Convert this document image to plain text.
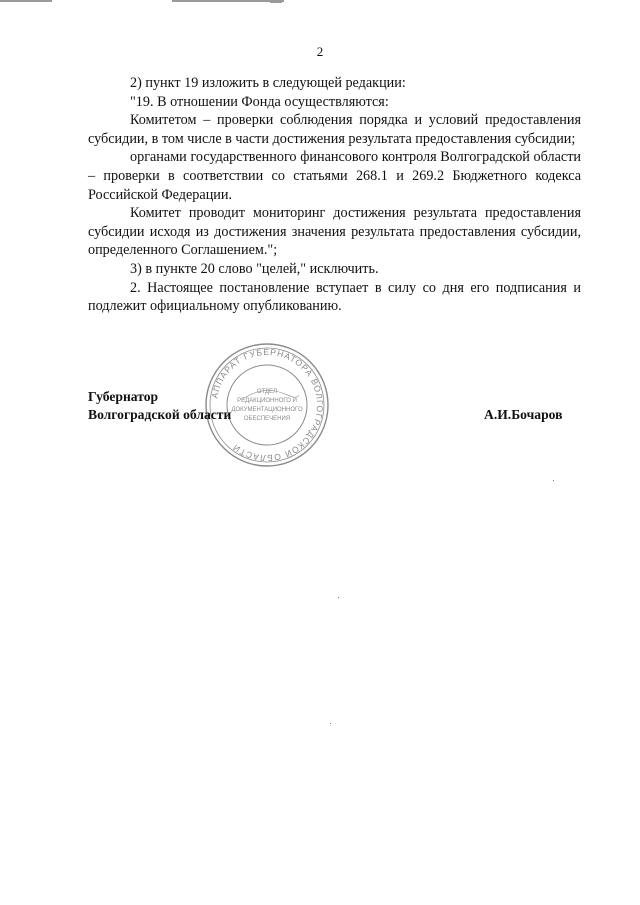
2

2) пункт 19 изложить в следующей редакции:

"19. В отношении Фонда осуществляются:

Комитетом – проверки соблюдения порядка и условий предоставления субсидии, в том числе в части достижения результата предоставления субсидии;

органами государственного финансового контроля Волгоградской области – проверки в соответствии со статьями 268.1 и 269.2 Бюджетного кодекса Российской Федерации.

Комитет проводит мониторинг достижения результата предоставления субсидии исходя из достижения значения результата предоставления субсидии, определенного Соглашением.";

3) в пункте 20 слово "целей," исключить.

2. Настоящее постановление вступает в силу со дня его подписания и подлежит официальному опубликованию.

АППАРАТ ГУБЕРНАТОРА ВОЛГОГРАДСКОЙ ОБЛАСТИ
ОТДЕЛ
РЕДАКЦИОННОГО И
ДОКУМЕНТАЦИОННОГО
ОБЕСПЕЧЕНИЯ
Губернатор
Волгоградской области	А.И.Бочаров
